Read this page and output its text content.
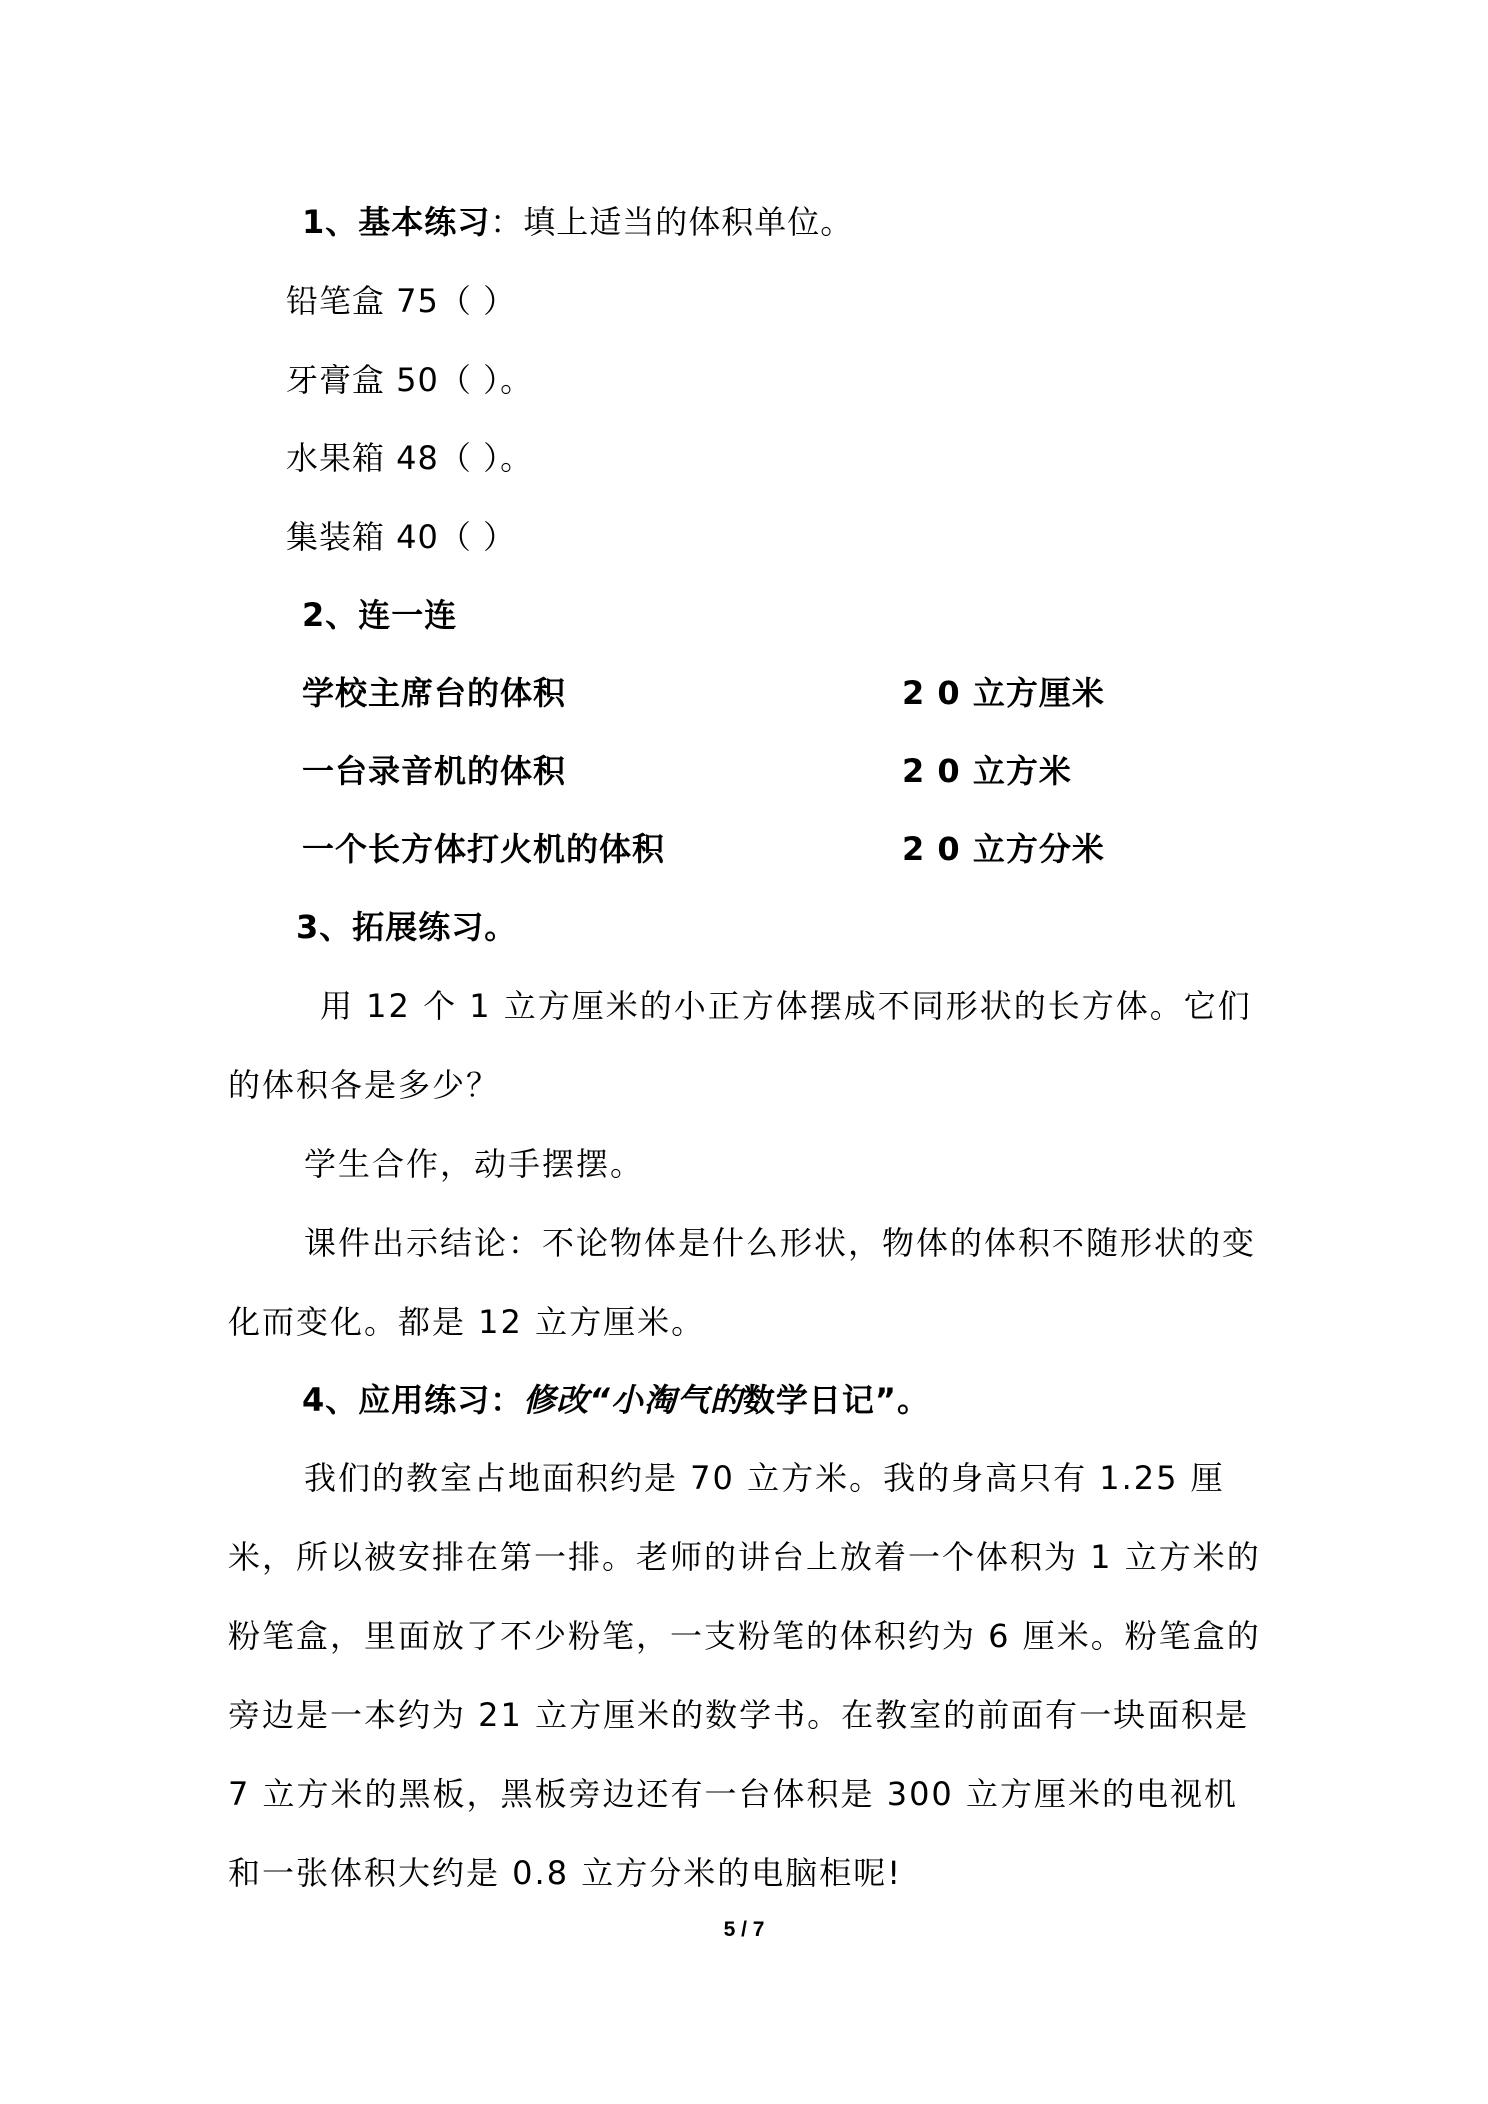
1、基本练习：填上适当的体积单位。
铅笔盒 75（ ）
牙膏盒 50（ ）。
水果箱 48（ ）。
集装箱 40（ ）
2、连一连
学校主席台的体积	2 0 立方厘米
一台录音机的体积	2 0 立方米
一个长方体打火机的体积	2 0 立方分米
3、拓展练习。
用 12 个 1 立方厘米的小正方体摆成不同形状的长方体。它们的体积各是多少？
学生合作，动手摆摆。
课件出示结论：不论物体是什么形状，物体的体积不随形状的变化而变化。都是 12 立方厘米。
4、应用练习：修改“小淘气的数学日记”。
我们的教室占地面积约是 70 立方米。我的身高只有 1.25 厘米，所以被安排在第一排。老师的讲台上放着一个体积为 1 立方米的粉笔盒，里面放了不少粉笔，一支粉笔的体积约为 6 厘米。粉笔盒的旁边是一本约为 21 立方厘米的数学书。在教室的前面有一块面积是 7 立方米的黑板，黑板旁边还有一台体积是 300 立方厘米的电视机和一张体积大约是 0.8 立方分米的电脑柜呢!
5 / 7
